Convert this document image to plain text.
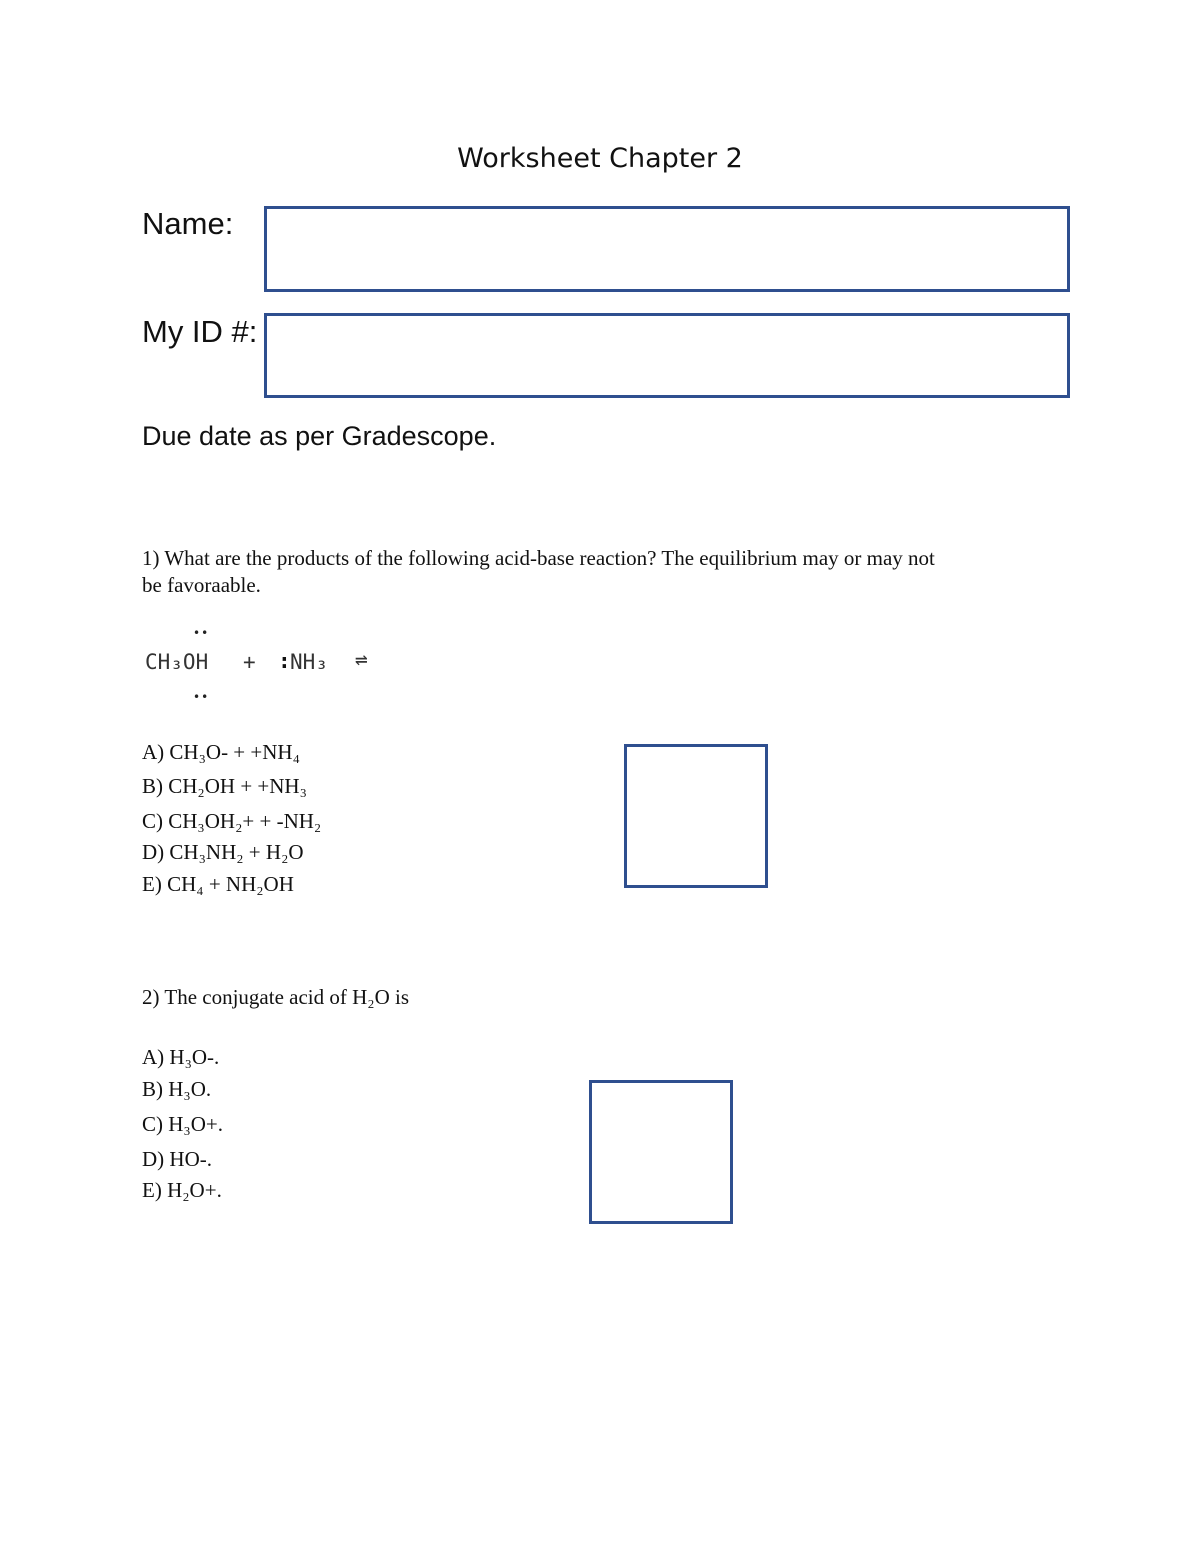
Worksheet Chapter 2
Name:
My ID #:
Due date as per Gradescope.
1) What are the products of the following acid-base reaction? The equilibrium may or may not
be favoraable.
••
CH₃OH
••
+ : NH₃ ⇌
A) CH₃O- + +NH₄
B) CH₂OH + +NH₃
C) CH₃OH₂+ + -NH₂
D) CH₃NH₂ + H₂O
E) CH₄ + NH₂OH
2) The conjugate acid of H₂O is
A) H₃O-.
B) H₃O.
C) H₃O+.
D) HO-.
E) H₂O+.
